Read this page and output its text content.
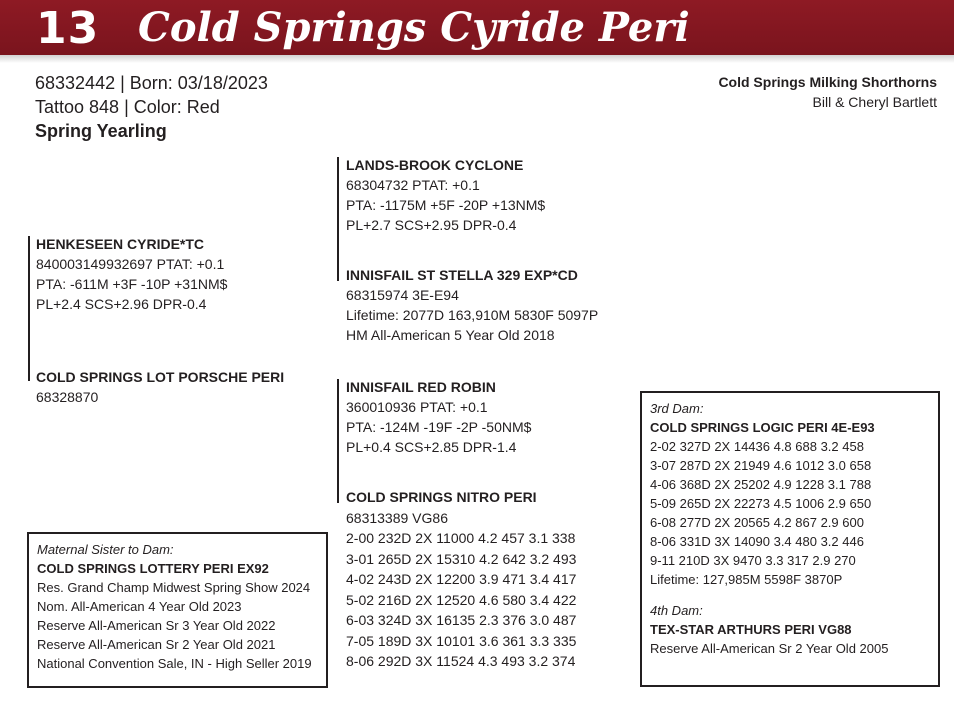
13 Cold Springs Cyride Peri
68332442 | Born: 03/18/2023
Tattoo 848 | Color: Red
Spring Yearling
Cold Springs Milking Shorthorns
Bill & Cheryl Bartlett
HENKESEEN CYRIDE*TC
840003149932697 PTAT: +0.1
PTA: -611M +3F -10P +31NM$
PL+2.4 SCS+2.96 DPR-0.4
COLD SPRINGS LOT PORSCHE PERI
68328870
LANDS-BROOK CYCLONE
68304732 PTAT: +0.1
PTA: -1175M +5F -20P +13NM$
PL+2.7 SCS+2.95 DPR-0.4
INNISFAIL ST STELLA 329 EXP*CD
68315974 3E-E94
Lifetime: 2077D 163,910M 5830F 5097P
HM All-American 5 Year Old 2018
INNISFAIL RED ROBIN
360010936 PTAT: +0.1
PTA: -124M -19F -2P -50NM$
PL+0.4 SCS+2.85 DPR-1.4
COLD SPRINGS NITRO PERI
68313389 VG86
2-00 232D 2X 11000 4.2 457 3.1 338
3-01 265D 2X 15310 4.2 642 3.2 493
4-02 243D 2X 12200 3.9 471 3.4 417
5-02 216D 2X 12520 4.6 580 3.4 422
6-03 324D 3X 16135 2.3 376 3.0 487
7-05 189D 3X 10101 3.6 361 3.3 335
8-06 292D 3X 11524 4.3 493 3.2 374
Maternal Sister to Dam:
COLD SPRINGS LOTTERY PERI EX92
Res. Grand Champ Midwest Spring Show 2024
Nom. All-American 4 Year Old 2023
Reserve All-American Sr 3 Year Old 2022
Reserve All-American Sr 2 Year Old 2021
National Convention Sale, IN - High Seller 2019
3rd Dam:
COLD SPRINGS LOGIC PERI 4E-E93
2-02 327D 2X 14436 4.8 688 3.2 458
3-07 287D 2X 21949 4.6 1012 3.0 658
4-06 368D 2X 25202 4.9 1228 3.1 788
5-09 265D 2X 22273 4.5 1006 2.9 650
6-08 277D 2X 20565 4.2 867 2.9 600
8-06 331D 3X 14090 3.4 480 3.2 446
9-11 210D 3X 9470 3.3 317 2.9 270
Lifetime: 127,985M 5598F 3870P
4th Dam:
TEX-STAR ARTHURS PERI VG88
Reserve All-American Sr 2 Year Old 2005
